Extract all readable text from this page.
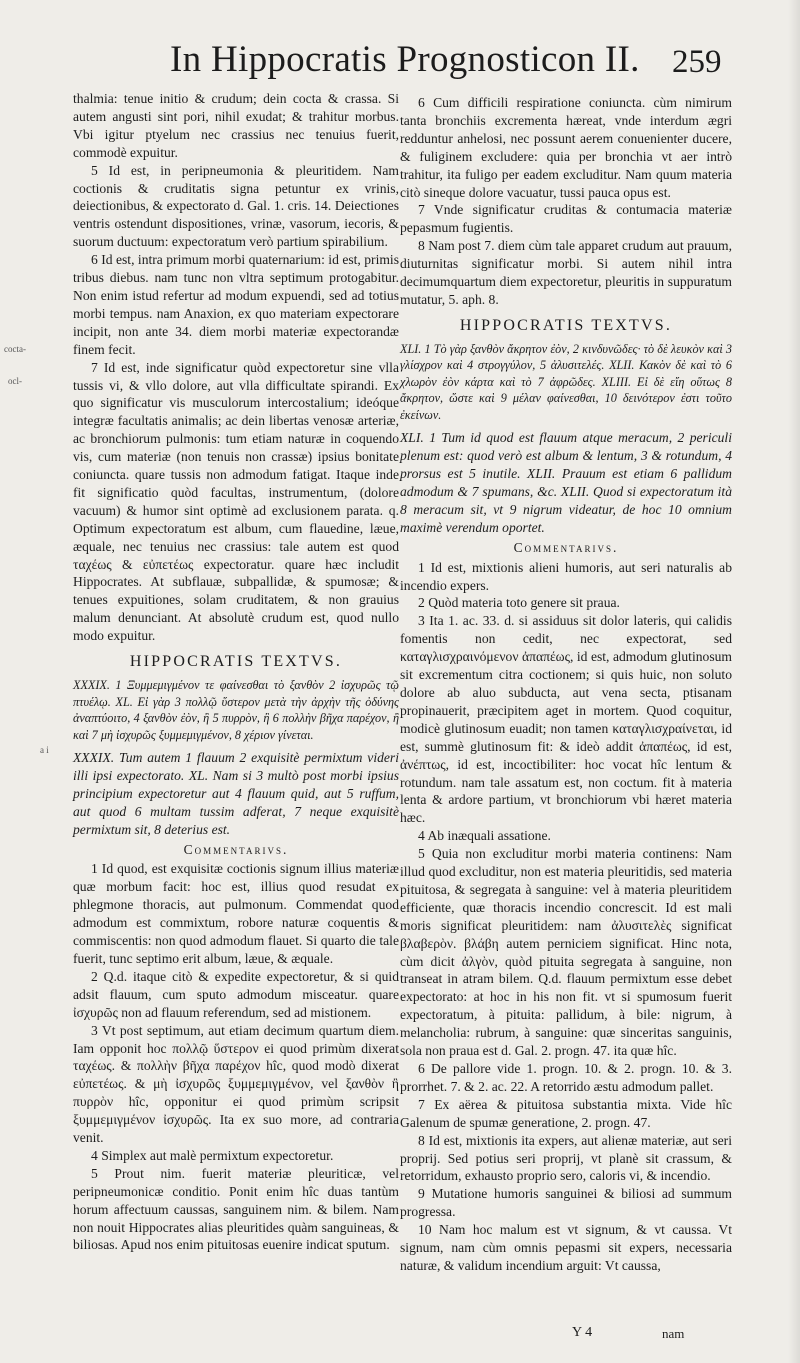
In Hippocratis Prognosticon II. 259
cocta-
ocl-
a i

thalmia: tenue initio & crudum; dein cocta & crassa. Si autem angusti sint pori, nihil exudat; & trahitur morbus. Vbi igitur ptyelum nec crassius nec tenuius fuerit, commodè expuitur.

5 Id est, in peripneumonia & pleuritidem. Nam coctionis & cruditatis signa petuntur ex vrinis, deiectionibus, & expectorato d. Gal. 1. cris. 14. Deiectiones ventris ostendunt dispositiones, vrinæ, vasorum, iecoris, & suorum ductuum: expectoratum verò partium spirabilium.

6 Id est, intra primum morbi quaternarium: id est, primis tribus diebus. nam tunc non vltra septimum protogabitur. Non enim istud refertur ad modum expuendi, sed ad totius morbi tempus. nam Anaxion, ex quo materiam expectorare incipit, non ante 34. diem morbi materiæ expectorandæ finem fecit.

7 Id est, inde significatur quòd expectoretur sine vlla tussis vi, & vllo dolore, aut vlla difficultate spirandi. Ex quo significatur vis musculorum intercostalium; ideóque integræ facultatis animalis; ac dein libertas venosæ arteriæ, ac bronchiorum pulmonis: tum etiam naturæ in coquendo vis, cum materiæ (non tenuis non crassæ) ipsius bonitate coniuncta. quare tussis non admodum fatigat. Itaque inde fit significatio quòd facultas, instrumentum, (dolore vacuum) & humor sint optimè ad exclusionem parata. q. Optimum expectoratum est album, cum flauedine, læue, æquale, nec tenuius nec crassius: tale autem est quod ταχέως & εὐπετέως expectoratur. quare hæc includit Hippocrates. At subflauæ, subpallidæ, & spumosæ; & tenues expuitiones, solam cruditatem, & non grauius malum denunciant. At absolutè crudum est, quod nullo modo expuitur.

HIPPOCRATIS TEXTVS.

XXXIX. 1 Ξυμμεμιγμένον τε φαίνεσθαι τὸ ξανθὸν 2 ἰσχυρῶς τῷ πτυέλῳ. XL. Εἰ γὰρ 3 πολλῷ ὕστερον μετὰ τὴν ἀρχὴν τῆς ὀδύνης ἀναπτύοιτο, 4 ξανθὸν ἐὸν, ἢ 5 πυρρὸν, ἢ 6 πολλὴν βῆχα παρέχον, ἢ καὶ 7 μὴ ἰσχυρῶς ξυμμεμιγμένον, 8 χέριον γίνεται.

XXXIX. Tum autem 1 flauum 2 exquisitè permixtum videri illi ipsi expectorato. XL. Nam si 3 multò post morbi ipsius principium expectoretur aut 4 flauum quid, aut 5 ruffum, aut quod 6 multam tussim adferat, 7 neque exquisitè permixtum sit, 8 deterius est.

Commentarivs.

1 Id quod, est exquisitæ coctionis signum illius materiæ quæ morbum facit: hoc est, illius quod resudat ex phlegmone thoracis, aut pulmonum. Commendat quod admodum est commixtum, robore naturæ coquentis & commiscentis: non quod admodum flauet. Si quarto die tale fuerit, tunc septimo erit album, læue, & æquale.

2 Q.d. itaque citò & expedite expectoretur, & si quid adsit flauum, cum sputo admodum misceatur. quare ἰσχυρῶς non ad flauum referendum, sed ad mistionem.

3 Vt post septimum, aut etiam decimum quartum diem. Iam opponit hoc πολλῷ ὕστερον ei quod primùm dixerat ταχέως. & πολλὴν βῆχα παρέχον hîc, quod modò dixerat εὐπετέως. & μὴ ἰσχυρῶς ξυμμεμιγμένον, vel ξανθὸν ἢ πυρρὸν hîc, opponitur ei quod primùm scripsit ξυμμεμιγμένον ἰσχυρῶς. Ita ex suo more, ad contraria venit.

4 Simplex aut malè permixtum expectoretur.

5 Prout nim. fuerit materiæ pleuriticæ, vel peripneumonicæ conditio. Ponit enim hîc duas tantùm horum affectuum caussas, sanguinem nim. & bilem. Nam non nouit Hippocrates alias pleuritides quàm sanguineas, & biliosas. Apud nos enim pituitosas euenire indicat sputum.

6 Cum difficili respiratione coniuncta. cùm nimirum tanta bronchiis excrementa hæreat, vnde interdum ægri redduntur anhelosi, nec possunt aerem conuenienter ducere, & fuliginem excludere: quia per bronchia vt aer intrò trahitur, ita fuligo per eadem excluditur. Nam quum materia citò sineque dolore vacuatur, tussi pauca opus est.

7 Vnde significatur cruditas & contumacia materiæ pepasmum fugientis.

8 Nam post 7. diem cùm tale apparet crudum aut prauum, diuturnitas significatur morbi. Si autem nihil intra decimumquartum diem expectoretur, pleuritis in suppuratum mutatur, 5. aph. 8.

HIPPOCRATIS TEXTVS.

XLI. 1 Τὸ γὰρ ξανθὸν ἄκρητον ἐὸν, 2 κινδυνῶδες· τὸ δὲ λευκὸν καὶ 3 γλίσχρον καὶ 4 στρογγύλον, 5 ἀλυσιτελές. XLII. Κακὸν δὲ καὶ τὸ 6 χλωρὸν ἐὸν κάρτα καὶ τὸ 7 ἀφρῶδες. XLIII. Εἰ δὲ εἴη οὕτως 8 ἄκρητον, ὥστε καὶ 9 μέλαν φαίνεσθαι, 10 δεινότερον ἐστι τοῦτο ἐκείνων.

XLI. 1 Tum id quod est flauum atque meracum, 2 periculi plenum est: quod verò est album & lentum, 3 & rotundum, 4 prorsus est 5 inutile. XLII. Prauum est etiam 6 pallidum admodum & 7 spumans, &c. XLII. Quod si expectoratum ità 8 meracum sit, vt 9 nigrum videatur, de hoc 10 omnium maximè verendum oportet.

Commentarivs.

1 Id est, mixtionis alieni humoris, aut seri naturalis ab incendio expers.

2 Quòd materia toto genere sit praua.

3 Ita 1. ac. 33. d. si assiduus sit dolor lateris, qui calidis fomentis non cedit, nec expectorat, sed καταγλισχραινόμενον ἀπαπέως, id est, admodum glutinosum sit excrementum citra coctionem; si quis huic, non soluto dolore ab aluo subducta, aut vena secta, ptisanam propinauerit, præcipitem aget in mortem. Quod coquitur, modicè glutinosum euadit; non tamen καταγλισχραίνεται, id est, summè glutinosum fit: & ideò addit ἀπαπέως, id est, ἀνέπτως, id est, incoctibiliter: hoc vocat hîc lentum & rotundum. nam tale assatum est, non coctum. fit à materia lenta & ardore partium, vt bronchiorum vbi hæret materia hæc.

4 Ab inæquali assatione.

5 Quia non excluditur morbi materia continens: Nam illud quod excluditur, non est materia pleuritidis, sed materia pituitosa, & segregata à sanguine: vel à materia pleuritidem efficiente, quæ thoracis incendio concrescit. Id est mali moris significat pleuritidem: nam ἀλυσιτελὲς significat βλαβερὸν. βλάβη autem perniciem significat. Hinc nota, cùm dicit ἀλγὸν, quòd pituita segregata à sanguine, non transeat in atram bilem. Q.d. flauum permixtum esse debet expectorato: at hoc in his non fit. vt si spumosum fuerit expectoratum, à pituita: pallidum, à bile: nigrum, à melancholia: rubrum, à sanguine: quæ sinceritas sanguinis, sola non praua est d. Gal. 2. progn. 47. ita quæ hîc.

6 De pallore vide 1. progn. 10. & 2. progn. 10. & 3. prorrhet. 7. & 2. ac. 22. A retorrido æstu admodum pallet.

7 Ex aërea & pituitosa substantia mixta. Vide hîc Galenum de spumæ generatione, 2. progn. 47.

8 Id est, mixtionis ita expers, aut alienæ materiæ, aut seri proprij. Sed potius seri proprij, vt planè sit crassum, & retorridum, exhausto proprio sero, caloris vi, & incendio.

9 Mutatione humoris sanguinei & biliosi ad summum progressa.

10 Nam hoc malum est vt signum, & vt caussa. Vt signum, nam cùm omnis pepasmi sit expers, necessaria naturæ, & validum incendium arguit: Vt caussa,

Y 4	nam
